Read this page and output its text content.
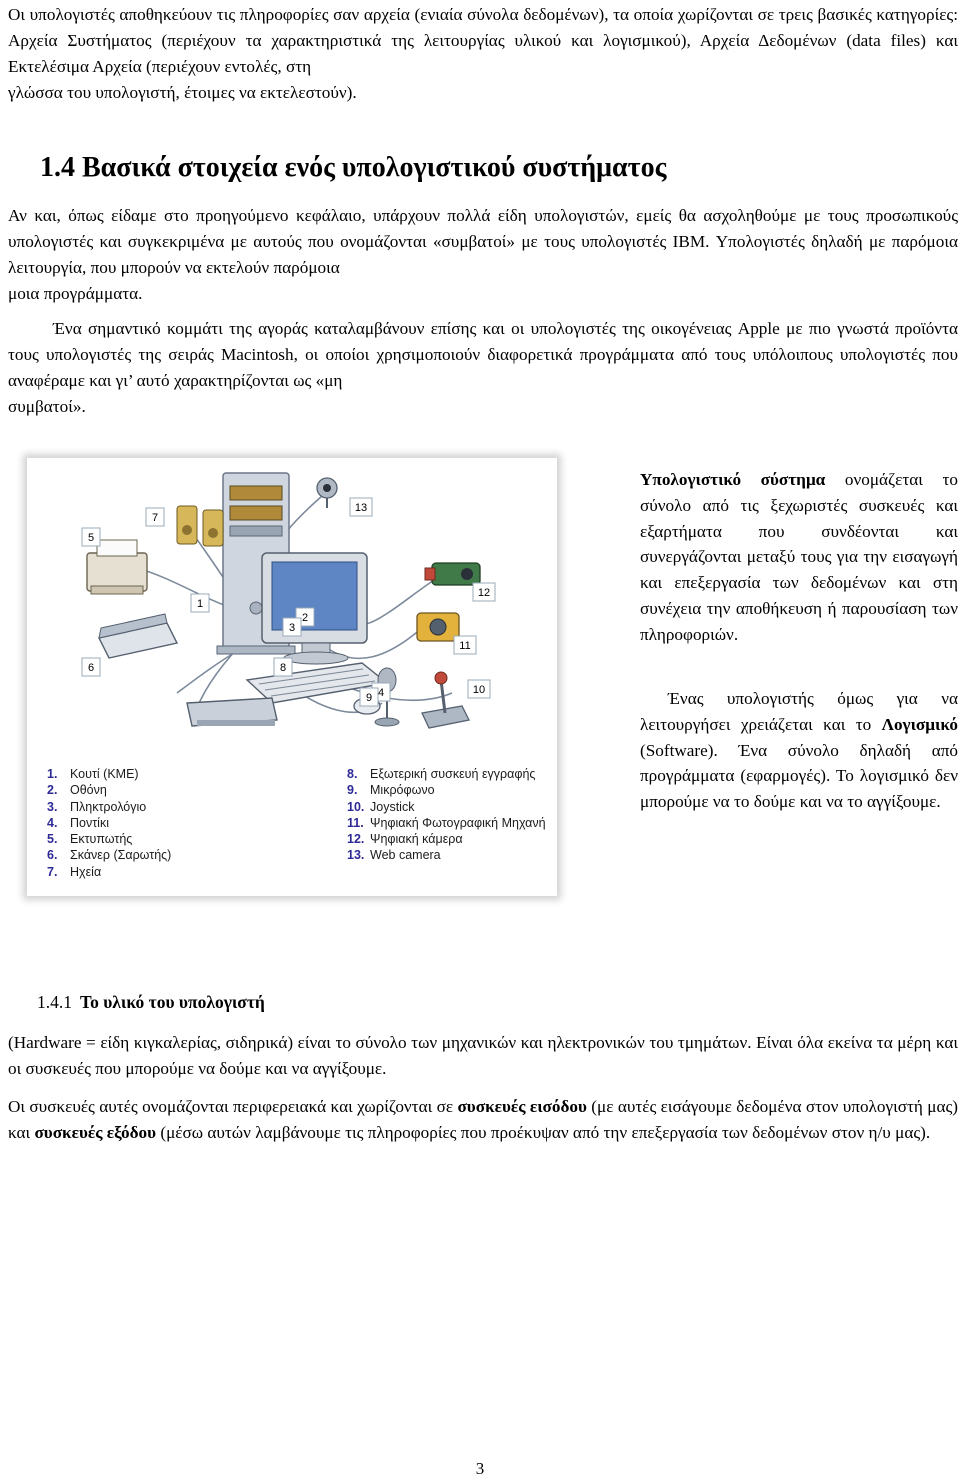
Οι υπολογιστές αποθηκεύουν τις πληροφορίες σαν αρχεία (ενιαία σύνολα δεδομένων), τα οποία χωρίζονται σε τρεις βασικές κατηγορίες: Αρχεία Συστήματος (περιέχουν τα χαρακτηριστικά της λειτουργίας υλικού και λογισμικού), Αρχεία Δεδομένων (data files) και Εκτελέσιμα Αρχεία (περιέχουν εντολές, στη
γλώσσα του υπολογιστή, έτοιμες να εκτελεστούν).

1.4 Βασικά στοιχεία ενός υπολογιστικού συστήματος

Αν και, όπως είδαμε στο προηγούμενο κεφάλαιο, υπάρχουν πολλά είδη υπολογιστών, εμείς θα ασχοληθούμε με τους προσωπικούς υπολογιστές και συγκεκριμένα με αυτούς που ονομάζονται «συμβατοί» με τους υπολογιστές IBM. Υπολογιστές δηλαδή με παρόμοια λειτουργία, που μπορούν να εκτελούν παρόμοια
μοια προγράμματα.

Ένα σημαντικό κομμάτι της αγοράς καταλαμβάνουν επίσης και οι υπολογιστές της οικογένειας Apple με πιο γνωστά προϊόντα τους υπολογιστές της σειράς Macintosh, οι οποίοι χρησιμοποιούν διαφορετικά προγράμματα από τους υπόλοιπους υπολογιστές που αναφέραμε και γι’ αυτό χαρακτηρίζονται ως «μη
συμβατοί».

1
2
3
4
5
6
7
8
9
10
11
12
13
1. Κουτί (ΚΜΕ)
2. Οθόνη
3. Πληκτρολόγιο
4. Ποντίκι
5. Εκτυπωτής
6. Σκάνερ (Σαρωτής)
7. Ηχεία
8. Εξωτερική συσκευή εγγραφής
9. Μικρόφωνο
10. Joystick
11. Ψηφιακή Φωτογραφική Μηχανή
12. Ψηφιακή κάμερα
13. Web camera

Υπολογιστικό σύστημα ονομάζεται το σύνολο από τις ξεχωριστές συσκευές και εξαρτήματα που συνδέονται και συνεργάζονται μεταξύ τους για την εισαγωγή και επεξεργασία των δεδομένων και στη συνέχεια την αποθήκευση ή παρουσίαση των πληροφοριών.

Ένας υπολογιστής όμως για να λειτουργήσει χρειάζεται και το Λογισμικό (Software). Ένα σύνολο δηλαδή από προγράμματα (εφαρμογές). Το λογισμικό δεν μπορούμε να το δούμε και να το αγγίξουμε.

1.4.1 Το υλικό του υπολογιστή

(Hardware = είδη κιγκαλερίας, σιδηρικά) είναι το σύνολο των μηχανικών και ηλεκτρονικών του τμημάτων. Είναι όλα εκείνα τα μέρη και οι συσκευές που μπορούμε να δούμε και να αγγίξουμε.

Οι συσκευές αυτές ονομάζονται περιφερειακά και χωρίζονται σε συσκευές εισόδου (με αυτές εισάγουμε δεδομένα στον υπολογιστή μας) και συσκευές εξόδου (μέσω αυτών λαμβάνουμε τις πληροφορίες που προέκυψαν από την επεξεργασία των δεδομένων στον η/υ μας).

3
